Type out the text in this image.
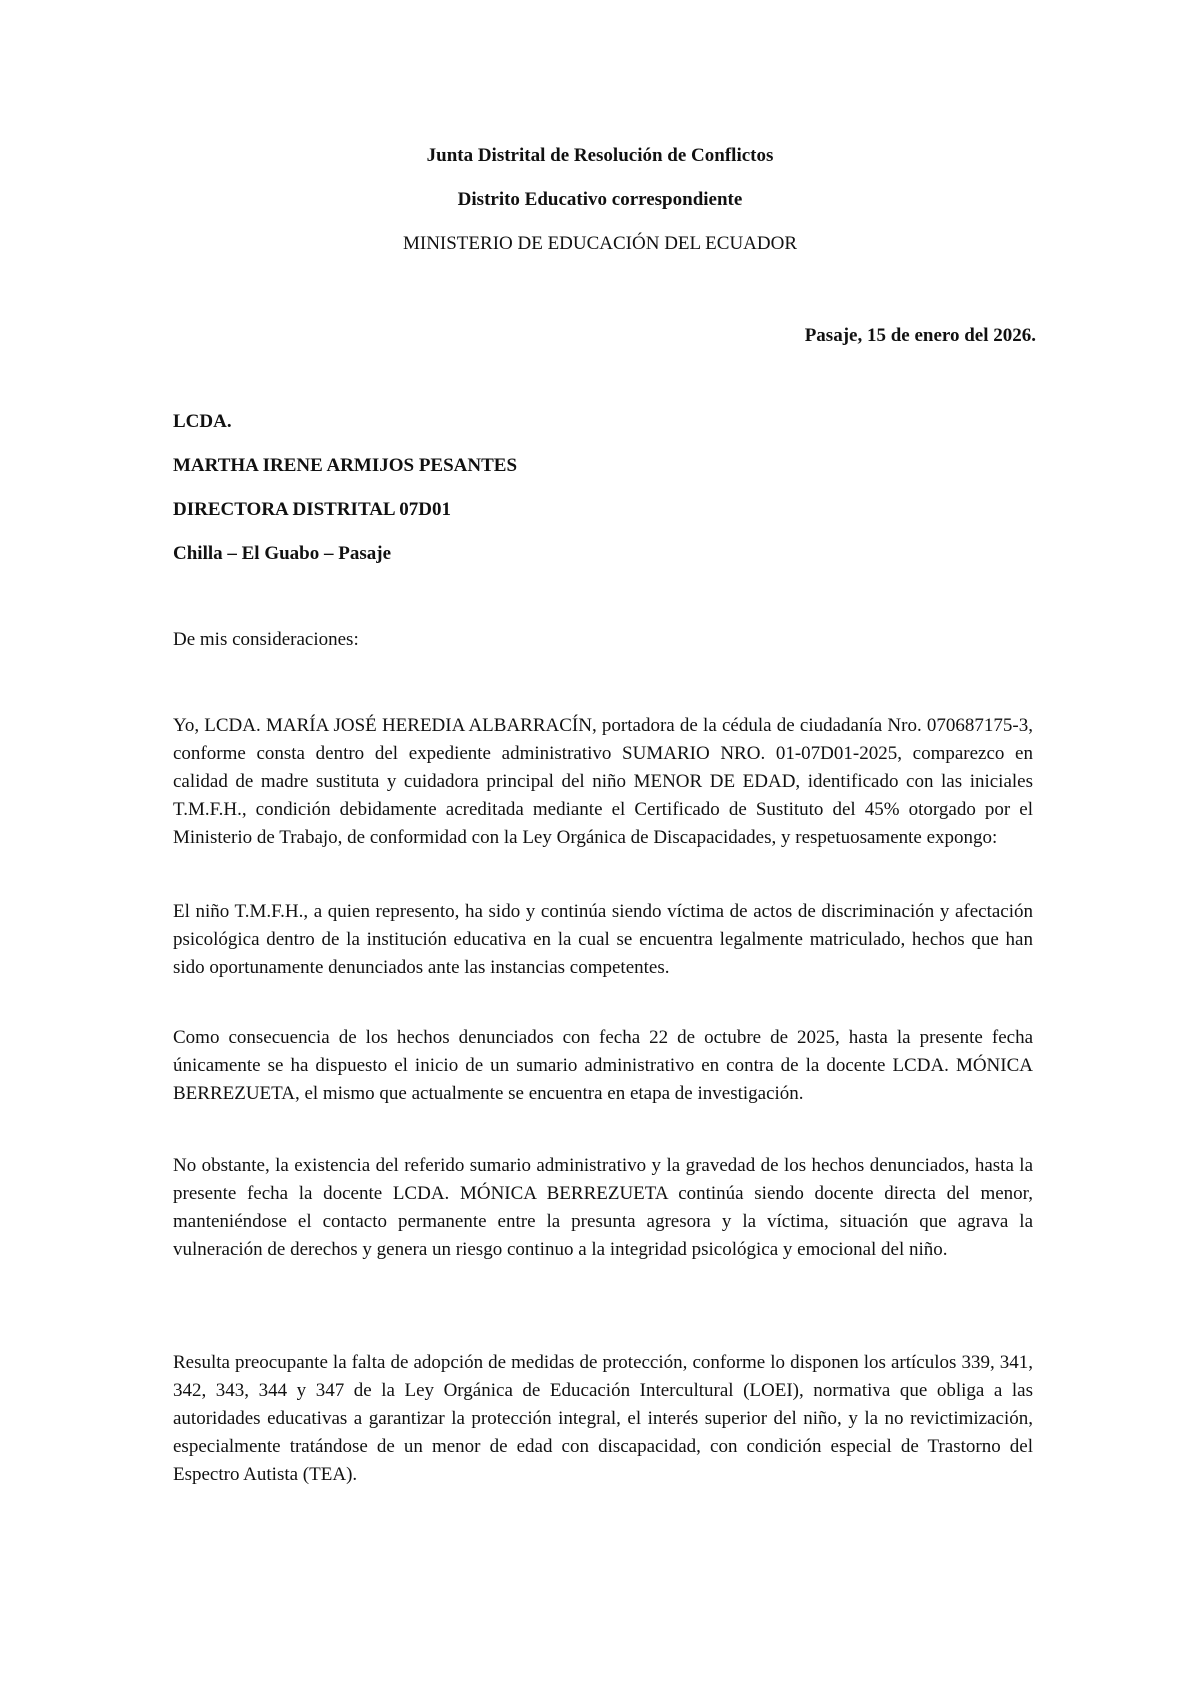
Junta Distrital de Resolución de Conflictos

Distrito Educativo correspondiente

MINISTERIO DE EDUCACIÓN DEL ECUADOR

Pasaje, 15 de enero del 2026.

LCDA.

MARTHA IRENE ARMIJOS PESANTES

DIRECTORA DISTRITAL 07D01

Chilla – El Guabo – Pasaje

De mis consideraciones:

Yo, LCDA. MARÍA JOSÉ HEREDIA ALBARRACÍN, portadora de la cédula de ciudadanía Nro. 070687175-3, conforme consta dentro del expediente administrativo SUMARIO NRO. 01-07D01-2025, comparezco en calidad de madre sustituta y cuidadora principal del niño MENOR DE EDAD, identificado con las iniciales T.M.F.H., condición debidamente acreditada mediante el Certificado de Sustituto del 45% otorgado por el Ministerio de Trabajo, de conformidad con la Ley Orgánica de Discapacidades, y respetuosamente expongo:

El niño T.M.F.H., a quien represento, ha sido y continúa siendo víctima de actos de discriminación y afectación psicológica dentro de la institución educativa en la cual se encuentra legalmente matriculado, hechos que han sido oportunamente denunciados ante las instancias competentes.

Como consecuencia de los hechos denunciados con fecha 22 de octubre de 2025, hasta la presente fecha únicamente se ha dispuesto el inicio de un sumario administrativo en contra de la docente LCDA. MÓNICA BERREZUETA, el mismo que actualmente se encuentra en etapa de investigación.

No obstante, la existencia del referido sumario administrativo y la gravedad de los hechos denunciados, hasta la presente fecha la docente LCDA. MÓNICA BERREZUETA continúa siendo docente directa del menor, manteniéndose el contacto permanente entre la presunta agresora y la víctima, situación que agrava la vulneración de derechos y genera un riesgo continuo a la integridad psicológica y emocional del niño.

Resulta preocupante la falta de adopción de medidas de protección, conforme lo disponen los artículos 339, 341, 342, 343, 344 y 347 de la Ley Orgánica de Educación Intercultural (LOEI), normativa que obliga a las autoridades educativas a garantizar la protección integral, el interés superior del niño, y la no revictimización, especialmente tratándose de un menor de edad con discapacidad, con condición especial de Trastorno del Espectro Autista (TEA).
